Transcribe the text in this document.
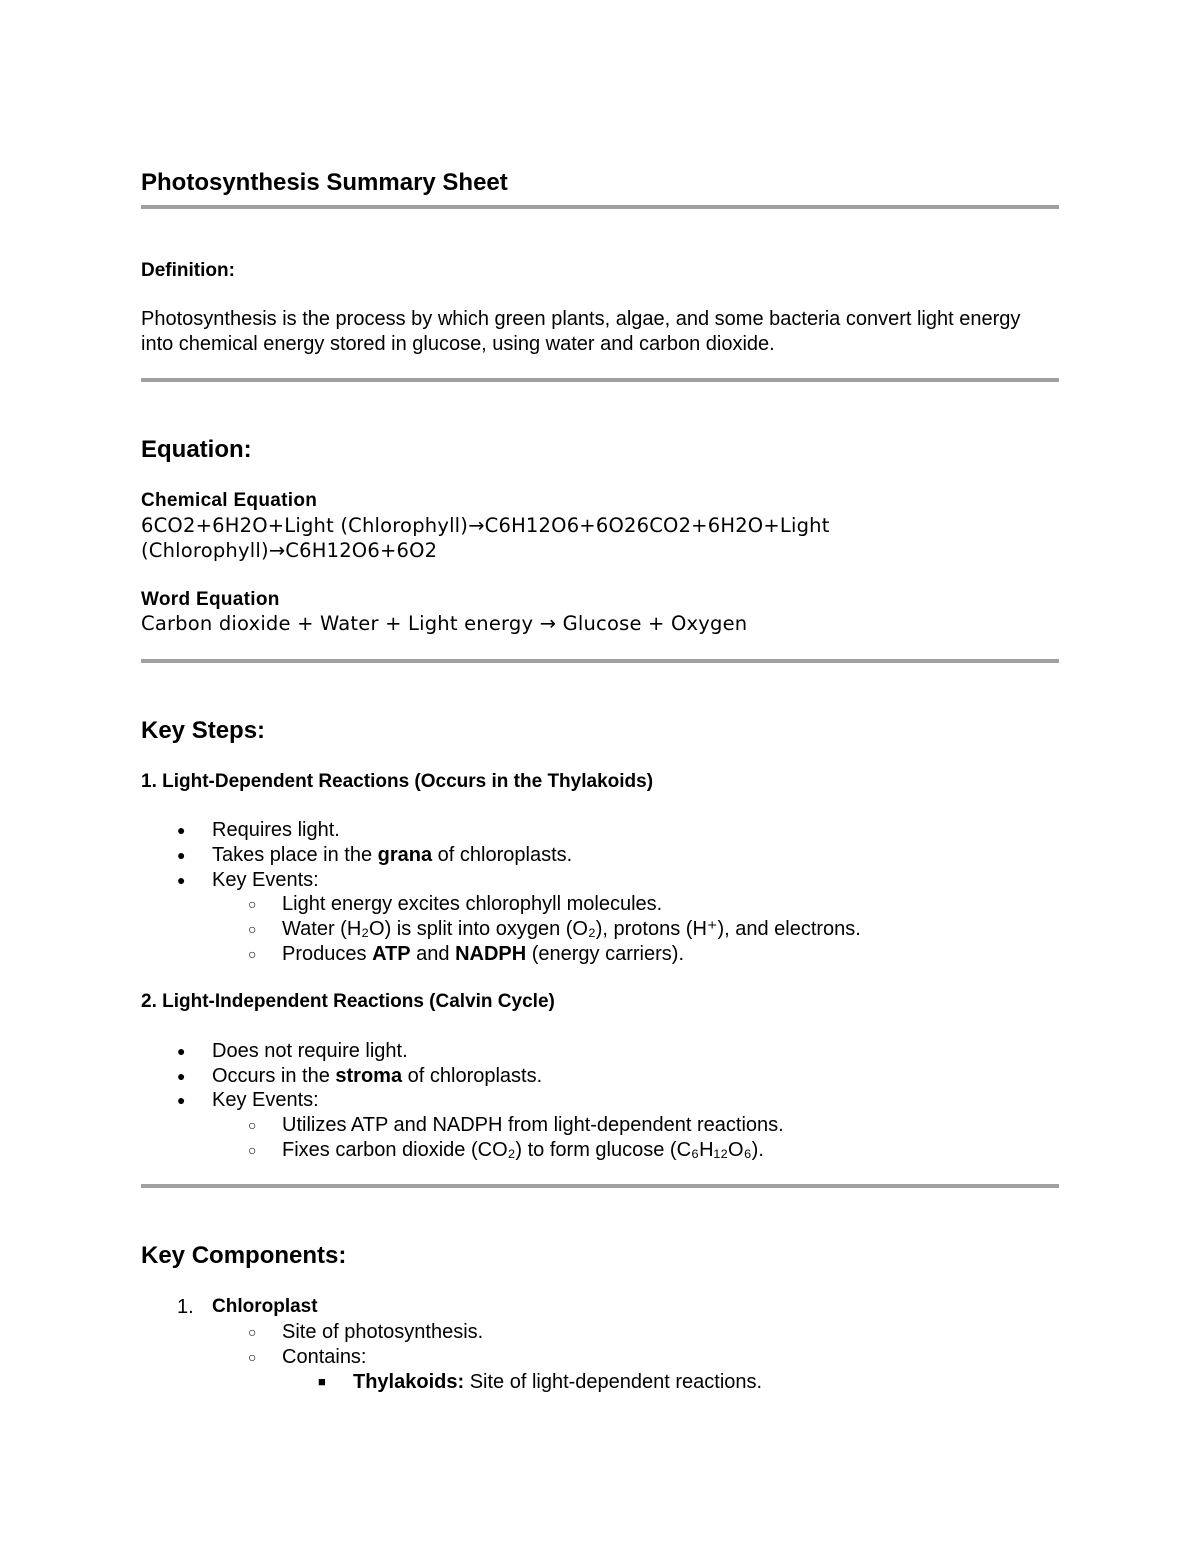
Photosynthesis Summary Sheet
Definition:
Photosynthesis is the process by which green plants, algae, and some bacteria convert light energy into chemical energy stored in glucose, using water and carbon dioxide.
Equation:
Chemical Equation
6CO2+6H2O+Light (Chlorophyll)→C6H12O6+6O26CO2+6H2O+Light (Chlorophyll)→C6H12O6+6O2
Word Equation
Carbon dioxide + Water + Light energy → Glucose + Oxygen
Key Steps:
1. Light-Dependent Reactions (Occurs in the Thylakoids)
● Requires light.
● Takes place in the grana of chloroplasts.
● Key Events:
○ Light energy excites chlorophyll molecules.
○ Water (H₂O) is split into oxygen (O₂), protons (H⁺), and electrons.
○ Produces ATP and NADPH (energy carriers).
2. Light-Independent Reactions (Calvin Cycle)
● Does not require light.
● Occurs in the stroma of chloroplasts.
● Key Events:
○ Utilizes ATP and NADPH from light-dependent reactions.
○ Fixes carbon dioxide (CO₂) to form glucose (C₆H₁₂O₆).
Key Components:
1. Chloroplast
○ Site of photosynthesis.
○ Contains:
■ Thylakoids: Site of light-dependent reactions.
